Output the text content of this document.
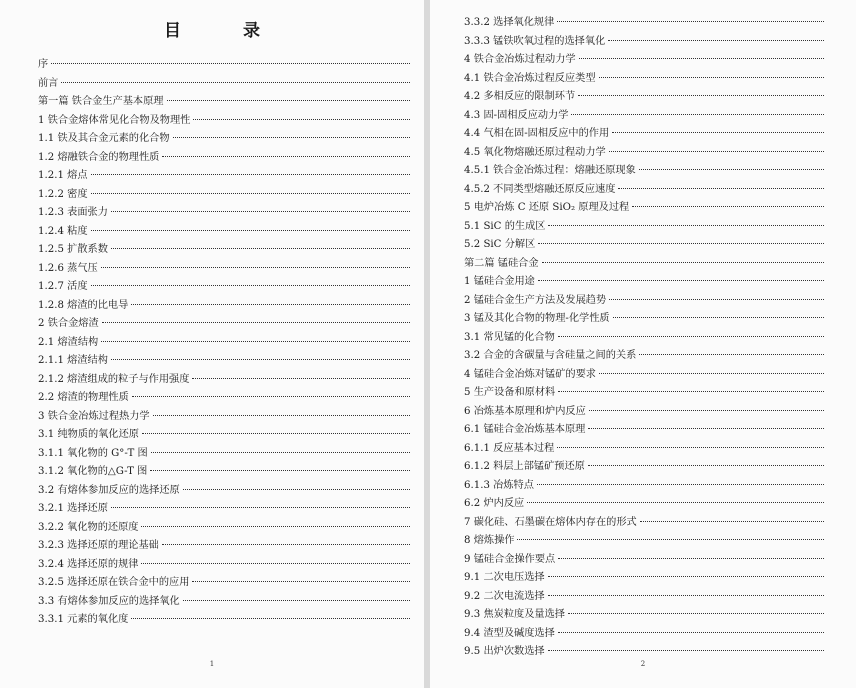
目 录
序
前言
第一篇 铁合金生产基本原理
1 铁合金熔体常见化合物及物理性
1.1 铁及其合金元素的化合物
1.2 熔融铁合金的物理性质
1.2.1 熔点
1.2.2 密度
1.2.3 表面张力
1.2.4 粘度
1.2.5 扩散系数
1.2.6 蒸气压
1.2.7 活度
1.2.8 熔渣的比电导
2 铁合金熔渣
2.1 熔渣结构
2.1.1 熔渣结构
2.1.2 熔渣组成的粒子与作用强度
2.2 熔渣的物理性质
3 铁合金冶炼过程热力学
3.1 纯物质的氧化还原
3.1.1 氧化物的 G°-T 图
3.1.2 氧化物的△G-T 图
3.2 有熔体参加反应的选择还原
3.2.1 选择还原
3.2.2 氧化物的还原度
3.2.3 选择还原的理论基础
3.2.4 选择还原的规律
3.2.5 选择还原在铁合金中的应用
3.3 有熔体参加反应的选择氧化
3.3.1 元素的氧化度
1
3.3.2 选择氧化规律
3.3.3 锰铁吹氧过程的选择氧化
4 铁合金冶炼过程动力学
4.1 铁合金冶炼过程反应类型
4.2 多相反应的限制环节
4.3 固-固相反应动力学
4.4 气相在固-固相反应中的作用
4.5 氧化物熔融还原过程动力学
4.5.1 铁合金冶炼过程：熔融还原现象
4.5.2 不同类型熔融还原反应速度
5 电炉冶炼 C 还原 SiO₂ 原理及过程
5.1 SiC 的生成区
5.2 SiC 分解区
第二篇 锰硅合金
1 锰硅合金用途
2 锰硅合金生产方法及发展趋势
3 锰及其化合物的物理-化学性质
3.1 常见锰的化合物
3.2 合金的含碳量与含硅量之间的关系
4 锰硅合金冶炼对锰矿的要求
5 生产设备和原材料
6 冶炼基本原理和炉内反应
6.1 锰硅合金冶炼基本原理
6.1.1 反应基本过程
6.1.2 料层上部锰矿预还原
6.1.3 冶炼特点
6.2 炉内反应
7 碳化硅、石墨碳在熔体内存在的形式
8 熔炼操作
9 锰硅合金操作要点
9.1 二次电压选择
9.2 二次电流选择
9.3 焦炭粒度及量选择
9.4 渣型及碱度选择
9.5 出炉次数选择
2
